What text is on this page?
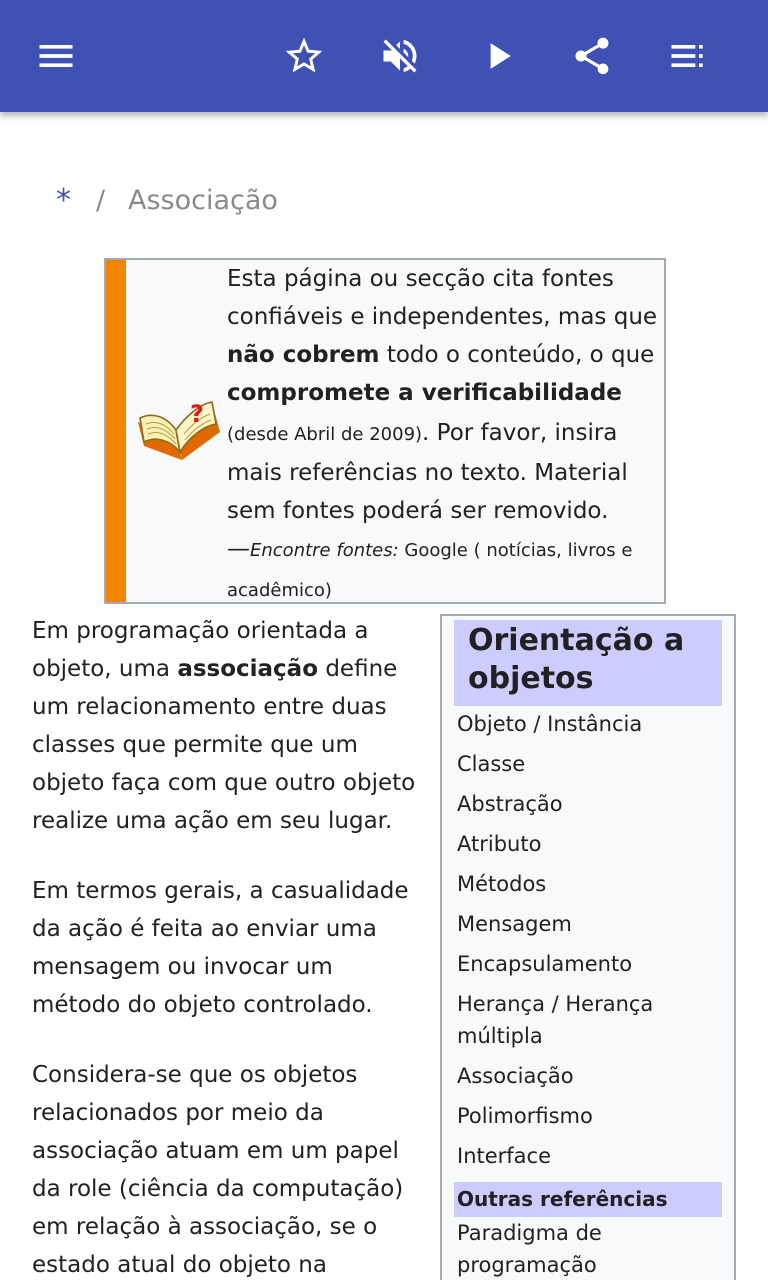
* / Associação
?
Esta página ou secção cita fontes confiáveis e independentes, mas que não cobrem todo o conteúdo, o que compromete a verificabilidade (desde Abril de 2009). Por favor, insira mais referências no texto. Material sem fontes poderá ser removido.
—Encontre fontes: Google ( notícias, livros e acadêmico)

Em programação orientada a objeto, uma associação define um relacionamento entre duas classes que permite que um objeto faça com que outro objeto realize uma ação em seu lugar.

Em termos gerais, a casualidade da ação é feita ao enviar uma mensagem ou invocar um método do objeto controlado.

Considera-se que os objetos relacionados por meio da associação atuam em um papel da role (ciência da computação) em relação à associação, se o estado atual do objeto na

Orientação a objetos
Objeto / Instância
Classe
Abstração
Atributo
Métodos
Mensagem
Encapsulamento
Herança / Herança múltipla
Associação
Polimorfismo
Interface
Outras referências
Paradigma de programação
